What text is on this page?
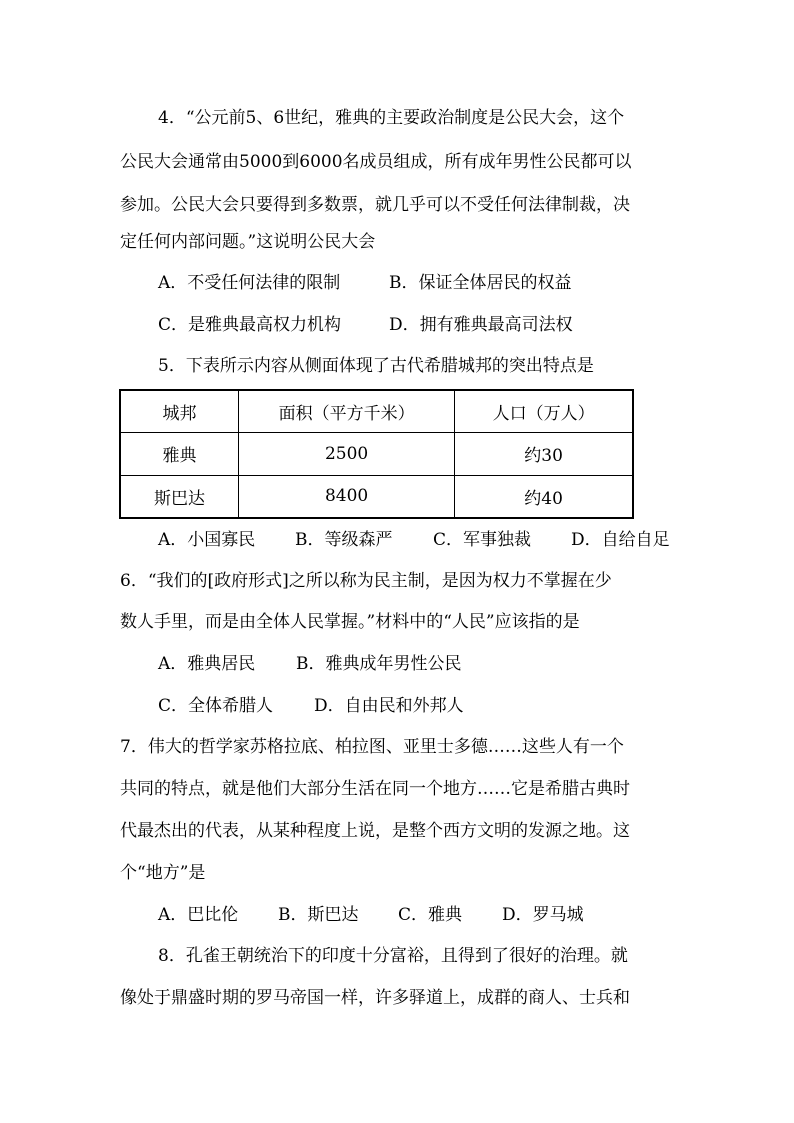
4．“公元前5、6世纪，雅典的主要政治制度是公民大会，这个
公民大会通常由5000到6000名成员组成，所有成年男性公民都可以
参加。公民大会只要得到多数票，就几乎可以不受任何法律制裁，决
定任何内部问题。”这说明公民大会
A．不受任何法律的限制	B．保证全体居民的权益
C．是雅典最高权力机构	D．拥有雅典最高司法权
5．下表所示内容从侧面体现了古代希腊城邦的突出特点是
城邦	面积（平方千米）	人口（万人）
雅典	2500	约30
斯巴达	8400	约40
A．小国寡民 B．等级森严 C．军事独裁 D．自给自足
6．“我们的[政府形式]之所以称为民主制，是因为权力不掌握在少
数人手里，而是由全体人民掌握。”材料中的“人民”应该指的是
A．雅典居民 B．雅典成年男性公民
C．全体希腊人 D．自由民和外邦人
7．伟大的哲学家苏格拉底、柏拉图、亚里士多德……这些人有一个
共同的特点，就是他们大部分生活在同一个地方……它是希腊古典时
代最杰出的代表，从某种程度上说，是整个西方文明的发源之地。这
个“地方”是
A．巴比伦 B．斯巴达 C．雅典 D．罗马城
8．孔雀王朝统治下的印度十分富裕，且得到了很好的治理。就
像处于鼎盛时期的罗马帝国一样，许多驿道上，成群的商人、士兵和
